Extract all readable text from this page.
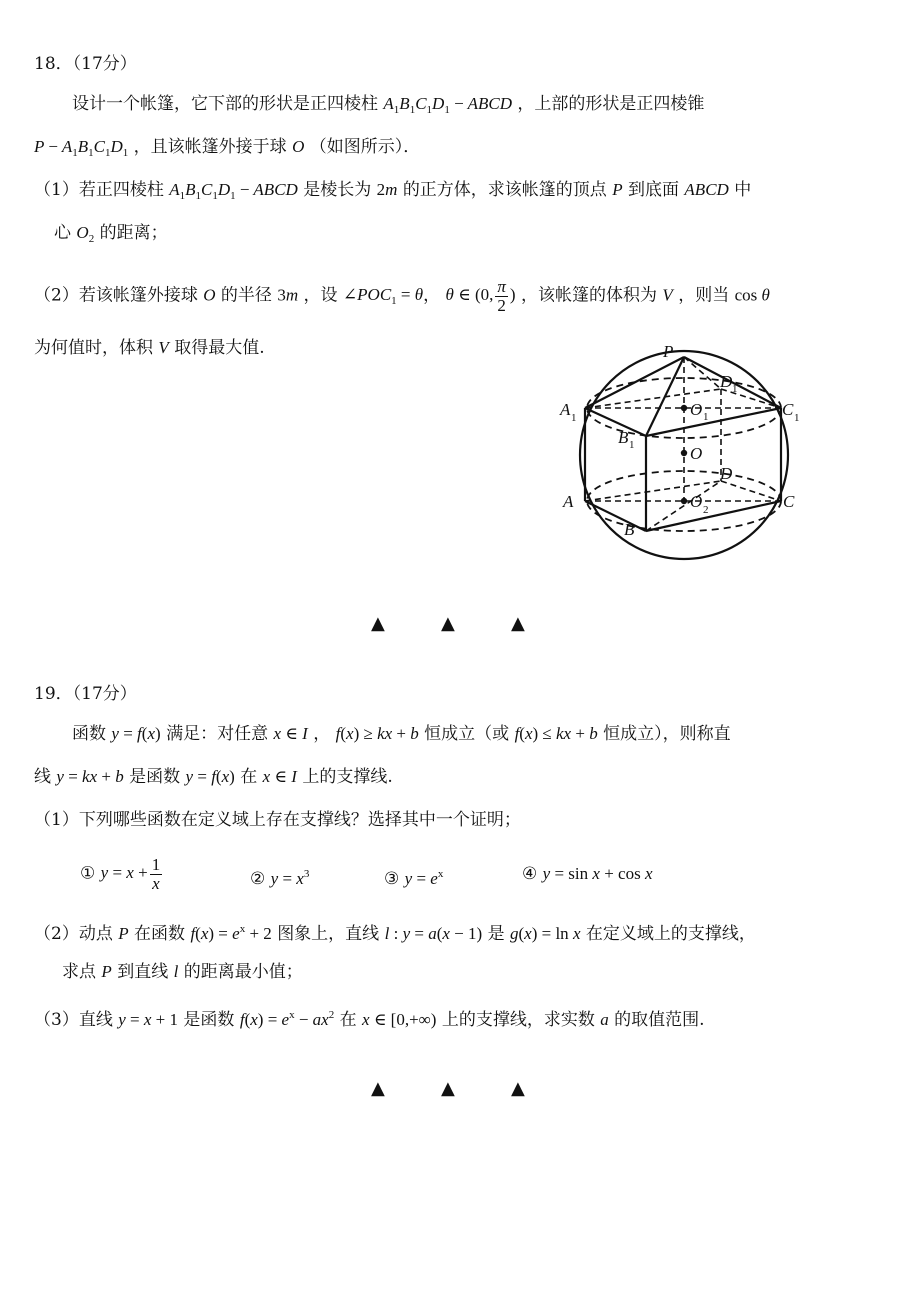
18．（17分）
设计一个帐篷，它下部的形状是正四棱柱 $A_1B_1C_1D_1$ − ABCD ，上部的形状是正四棱锥
$P - A_1B_1C_1D_1$ ，且该帐篷外接于球 O （如图所示）．
（1）若正四棱柱 $A_1B_1C_1D_1$ − ABCD 是棱长为 2m 的正方体，求该帐篷的顶点 P 到底面 ABCD 中
心 $O_2$ 的距离；
（2）若该帐篷外接球 O 的半径 3m ，设 $\angle POC_1 = \theta$， θ ∈ (0, $\frac{\pi}{2}$ ) ，该帐篷的体积为 V ，则当 cos θ
为何值时，体积 V 取得最大值.	P
D 1
A 1	O 1	C 1
B 1	O
D
A	C
O 2
B
▲	▲	▲
19．（17分）
函数 y = f(x) 满足：对任意 x ∈ I ， f(x) ≥ kx + b 恒成立（或 f(x) ≤ kx + b 恒成立），则称直
线 y = kx + b 是函数 y = f(x) 在 x ∈ I 上的支撑线.
（1）下列哪些函数在定义域上存在支撑线？选择其中一个证明；
① $y = x + \frac{1}{x}$	② $y = x^3$	③ $y = e^x$	④ y = sin x + cos x
（2）动点 P 在函数 $f(x) = e^x + 2$ 图象上，直线 l : y = a(x − 1) 是 g(x) = ln x 在定义域上的支撑线，
求点 P 到直线 l 的距离最小值；
（3）直线 y = x + 1 是函数 $f(x) = e^x - ax^2$ 在 x ∈ [0,+∞) 上的支撑线，求实数 a 的取值范围.
▲	▲	▲
